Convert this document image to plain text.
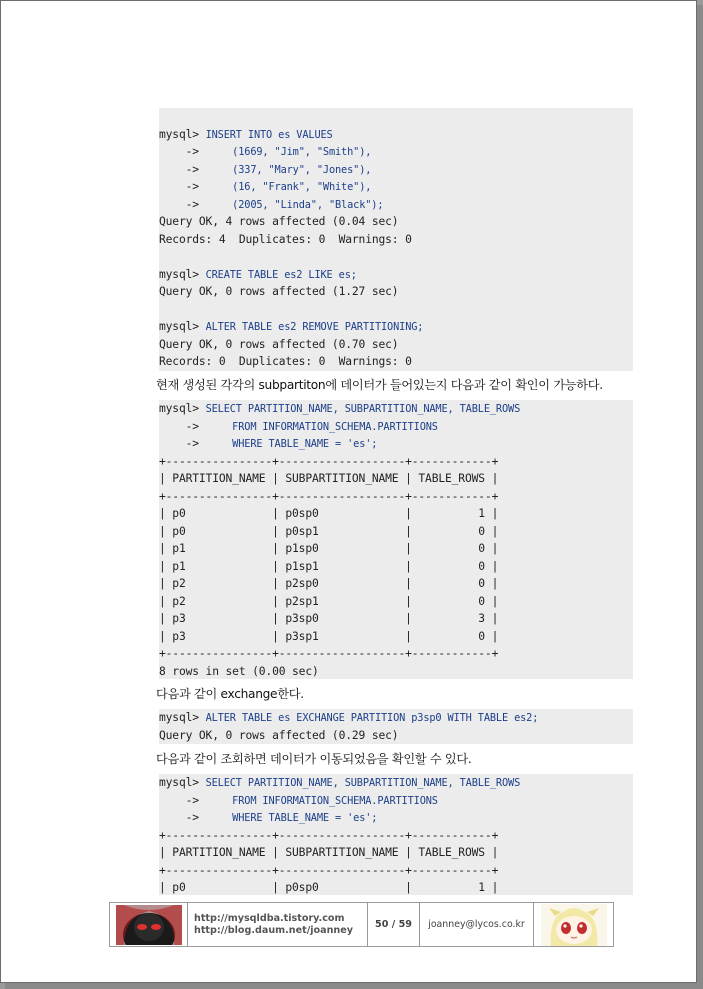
mysql> INSERT INTO es VALUES
->     (1669, "Jim", "Smith"),
->     (337, "Mary", "Jones"),
->     (16, "Frank", "White"),
->     (2005, "Linda", "Black");
Query OK, 4 rows affected (0.04 sec)
Records: 4  Duplicates: 0  Warnings: 0

mysql> CREATE TABLE es2 LIKE es;
Query OK, 0 rows affected (1.27 sec)

mysql> ALTER TABLE es2 REMOVE PARTITIONING;
Query OK, 0 rows affected (0.70 sec)
Records: 0  Duplicates: 0  Warnings: 0
현재 생성된 각각의 subpartiton에 데이터가 들어있는지 다음과 같이 확인이 가능하다.
mysql> SELECT PARTITION_NAME, SUBPARTITION_NAME, TABLE_ROWS
->     FROM INFORMATION_SCHEMA.PARTITIONS
->     WHERE TABLE_NAME = 'es';
+----------------+-------------------+------------+
| PARTITION_NAME | SUBPARTITION_NAME | TABLE_ROWS |
+----------------+-------------------+------------+
| p0             | p0sp0             |          1 |
| p0             | p0sp1             |          0 |
| p1             | p1sp0             |          0 |
| p1             | p1sp1             |          0 |
| p2             | p2sp0             |          0 |
| p2             | p2sp1             |          0 |
| p3             | p3sp0             |          3 |
| p3             | p3sp1             |          0 |
+----------------+-------------------+------------+
8 rows in set (0.00 sec)
다음과 같이 exchange한다.
mysql> ALTER TABLE es EXCHANGE PARTITION p3sp0 WITH TABLE es2;
Query OK, 0 rows affected (0.29 sec)
다음과 같이 조회하면 데이터가 이동되었음을 확인할 수 있다.
mysql> SELECT PARTITION_NAME, SUBPARTITION_NAME, TABLE_ROWS
->     FROM INFORMATION_SCHEMA.PARTITIONS
->     WHERE TABLE_NAME = 'es';
+----------------+-------------------+------------+
| PARTITION_NAME | SUBPARTITION_NAME | TABLE_ROWS |
+----------------+-------------------+------------+
| p0             | p0sp0             |          1 |
http://mysqldba.tistory.com
http://blog.daum.net/joanney	50 / 59	joanney@lycos.co.kr
